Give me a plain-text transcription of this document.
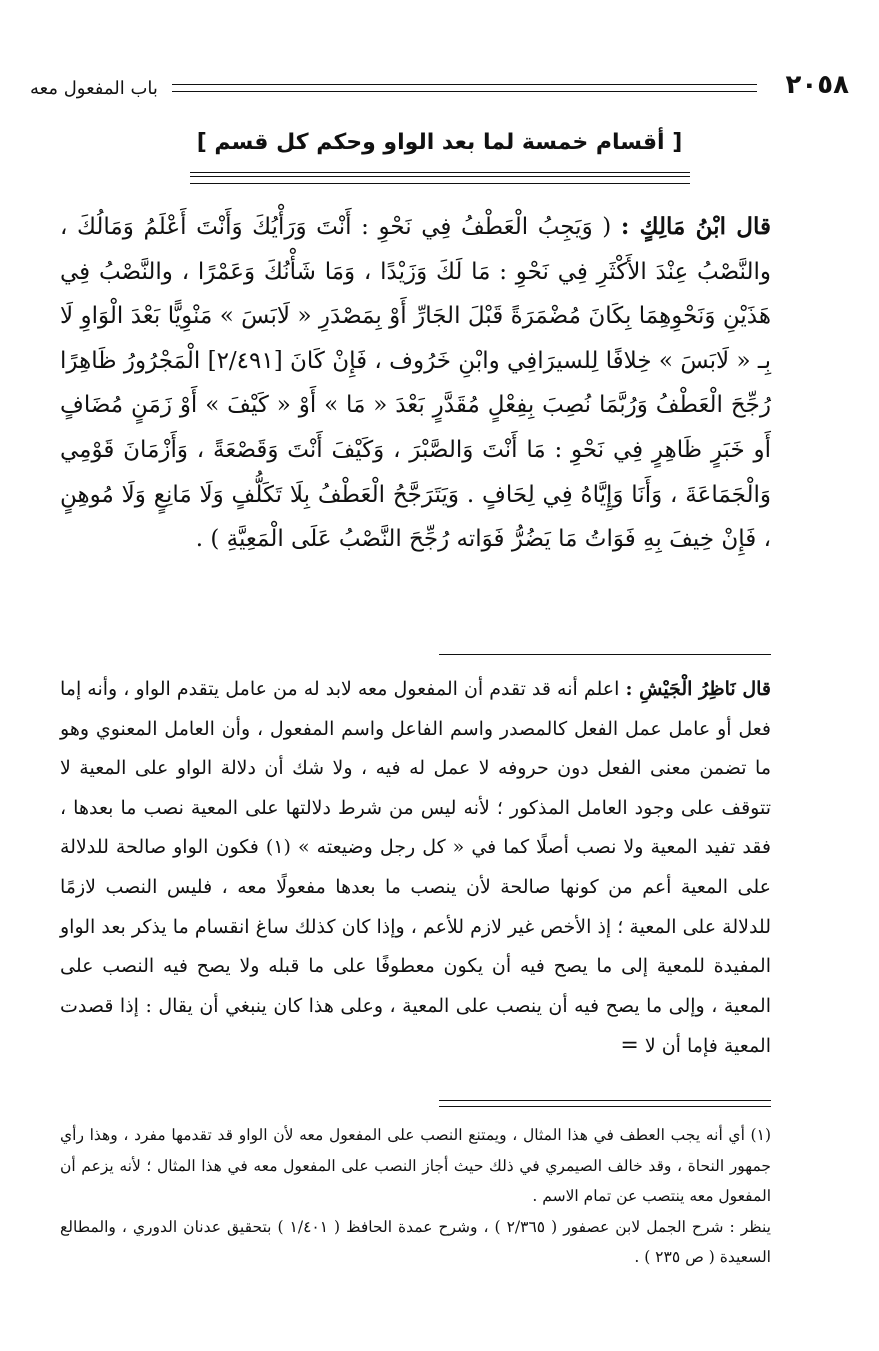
٢٠٥٨
باب المفعول معه
[ أقسام خمسة لما بعد الواو وحكم كل قسم ]
قال ابْنُ مَالِكٍ : ( وَيَجِبُ الْعَطْفُ فِي نَحْوِ : أَنْتَ وَرَأْيُكَ وَأَنْتَ أَعْلَمُ وَمَالُكَ ، والنَّصْبُ عِنْدَ الأَكْثَرِ فِي نَحْوِ : مَا لَكَ وَزَيْدًا ، وَمَا شَأْنُكَ وَعَمْرًا ، والنَّصْبُ فِي هَذَيْنِ وَنَحْوِهِمَا بِكَانَ مُضْمَرَةً قَبْلَ الجَارِّ أَوْ بِمَصْدَرِ « لَابَسَ » مَنْوِيًّا بَعْدَ الْوَاوِ لَا بِـ « لَابَسَ » خِلافًا لِلسيرَافِي وابْنِ خَرُوف ، فَإِنْ كَانَ [٢/٤٩١] الْمَجْرُورُ ظَاهِرًا رُجِّحَ الْعَطْفُ وَرُبَّمَا نُصِبَ بِفِعْلٍ مُقَدَّرٍ بَعْدَ « مَا » أَوْ « كَيْفَ » أَوْ زَمَنٍ مُضَافٍ أَو خَبَرٍ ظَاهِرٍ فِي نَحْوِ : مَا أَنْتَ وَالصَّبْرَ ، وَكَيْفَ أَنْتَ وَقَصْعَةً ، وَأَزْمَانَ قَوْمِي وَالْجَمَاعَةَ ، وَأَنَا وَإِيَّاهُ فِي لِحَافٍ . وَيَتَرَجَّحُ الْعَطْفُ بِلَا تَكَلُّفٍ وَلَا مَانِعٍ وَلَا مُوهِنٍ ، فَإِنْ خِيفَ بِهِ فَوَاتُ مَا يَضُرُّ فَوَاته رُجِّحَ النَّصْبُ عَلَى الْمَعِيَّةِ ) .
قال نَاظِرُ الْجَيْشِ : اعلم أنه قد تقدم أن المفعول معه لابد له من عامل يتقدم الواو ، وأنه إما فعل أو عامل عمل الفعل كالمصدر واسم الفاعل واسم المفعول ، وأن العامل المعنوي وهو ما تضمن معنى الفعل دون حروفه لا عمل له فيه ، ولا شك أن دلالة الواو على المعية لا تتوقف على وجود العامل المذكور ؛ لأنه ليس من شرط دلالتها على المعية نصب ما بعدها ، فقد تفيد المعية ولا نصب أصلًا كما في « كل رجل وضيعته » (١) فكون الواو صالحة للدلالة على المعية أعم من كونها صالحة لأن ينصب ما بعدها مفعولًا معه ، فليس النصب لازمًا للدلالة على المعية ؛ إذ الأخص غير لازم للأعم ، وإذا كان كذلك ساغ انقسام ما يذكر بعد الواو المفيدة للمعية إلى ما يصح فيه أن يكون معطوفًا على ما قبله ولا يصح فيه النصب على المعية ، وإلى ما يصح فيه أن ينصب على المعية ، وعلى هذا كان ينبغي أن يقال : إذا قصدت المعية فإما أن لا =

(١) أي أنه يجب العطف في هذا المثال ، ويمتنع النصب على المفعول معه لأن الواو قد تقدمها مفرد ، وهذا رأي جمهور النحاة ، وقد خالف الصيمري في ذلك حيث أجاز النصب على المفعول معه في هذا المثال ؛ لأنه يزعم أن المفعول معه ينتصب عن تمام الاسم .

ينظر : شرح الجمل لابن عصفور ( ٢/٣٦٥ ) ، وشرح عمدة الحافظ ( ١/٤٠١ ) بتحقيق عدنان الدوري ، والمطالع السعيدة ( ص ٢٣٥ ) .
